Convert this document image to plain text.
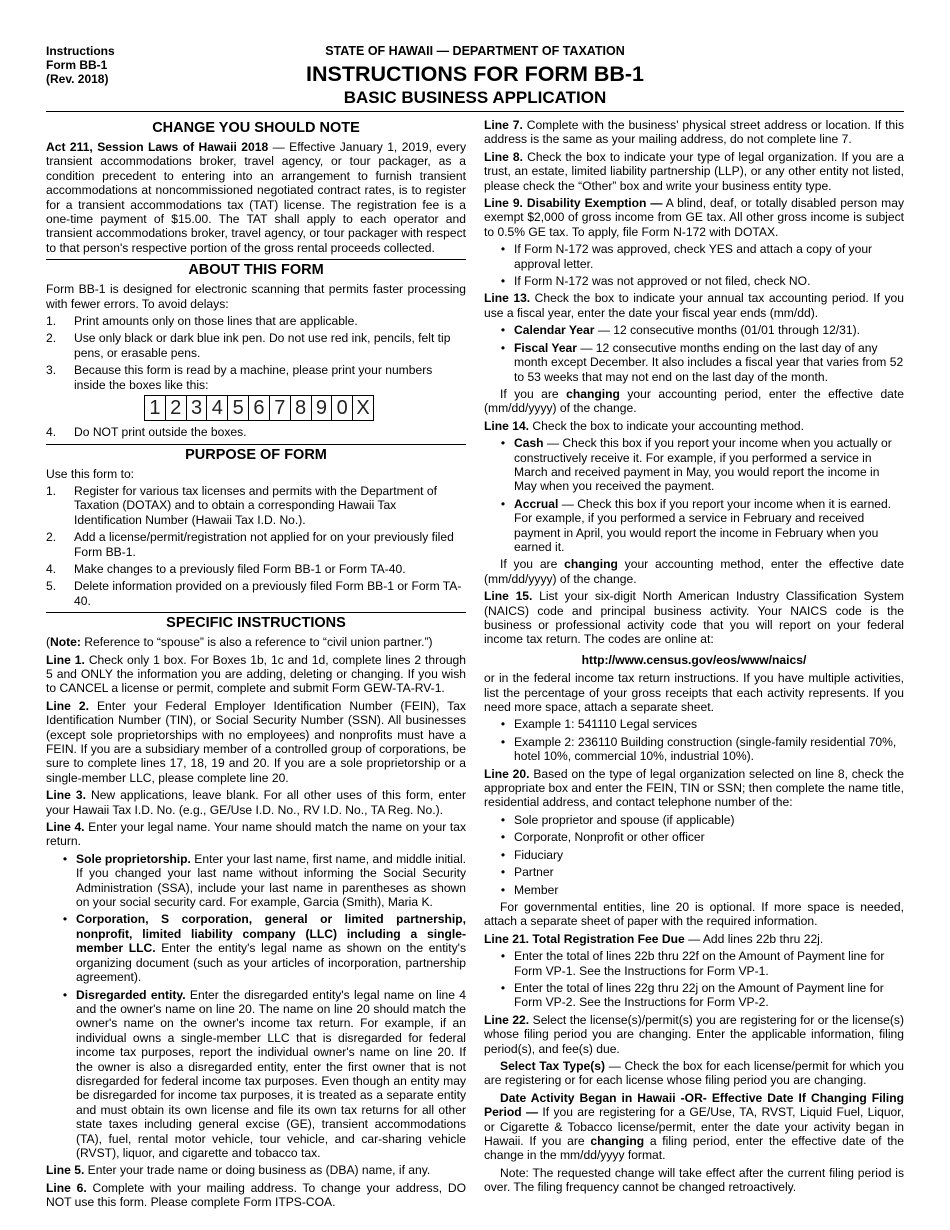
Instructions
Form BB-1
(Rev. 2018)
STATE OF HAWAII — DEPARTMENT OF TAXATION
INSTRUCTIONS FOR FORM BB-1
BASIC BUSINESS APPLICATION
CHANGE YOU SHOULD NOTE

Act 211, Session Laws of Hawaii 2018 — Effective January 1, 2019, every transient accommodations broker, travel agency, or tour packager, as a condition precedent to entering into an arrangement to furnish transient accommodations at noncommissioned negotiated contract rates, is to register for a transient accommodations tax (TAT) license. The registration fee is a one-time payment of $15.00. The TAT shall apply to each operator and transient accommodations broker, travel agency, or tour packager with respect to that person's respective portion of the gross rental proceeds collected.

ABOUT THIS FORM

Form BB-1 is designed for electronic scanning that permits faster processing with fewer errors. To avoid delays:

1.	Print amounts only on those lines that are applicable.
2.	Use only black or dark blue ink pen. Do not use red ink, pencils, felt tip pens, or erasable pens.
3.	Because this form is read by a machine, please print your numbers inside the boxes like this:
1 2 3 4 5 6 7 8 9 0 X
4.	Do NOT print outside the boxes.
PURPOSE OF FORM

Use this form to:

1.	Register for various tax licenses and permits with the Department of Taxation (DOTAX) and to obtain a corresponding Hawaii Tax Identification Number (Hawaii Tax I.D. No.).
2.	Add a license/permit/registration not applied for on your previously filed Form BB-1.
4.	Make changes to a previously filed Form BB-1 or Form TA-40.
5.	Delete information provided on a previously filed Form BB-1 or Form TA-40.
SPECIFIC INSTRUCTIONS

(Note: Reference to “spouse” is also a reference to “civil union partner.”)

Line 1. Check only 1 box. For Boxes 1b, 1c and 1d, complete lines 2 through 5 and ONLY the information you are adding, deleting or changing. If you wish to CANCEL a license or permit, complete and submit Form GEW-TA-RV-1.

Line 2. Enter your Federal Employer Identification Number (FEIN), Tax Identification Number (TIN), or Social Security Number (SSN). All businesses (except sole proprietorships with no employees) and nonprofits must have a FEIN. If you are a subsidiary member of a controlled group of corporations, be sure to complete lines 17, 18, 19 and 20. If you are a sole proprietorship or a single-member LLC, please complete line 20.

Line 3. New applications, leave blank. For all other uses of this form, enter your Hawaii Tax I.D. No. (e.g., GE/Use I.D. No., RV I.D. No., TA Reg. No.).

Line 4. Enter your legal name. Your name should match the name on your tax return.

• Sole proprietorship. Enter your last name, first name, and middle initial. If you changed your last name without informing the Social Security Administration (SSA), include your last name in parentheses as shown on your social security card. For example, Garcia (Smith), Maria K.
• Corporation, S corporation, general or limited partnership, nonprofit, limited liability company (LLC) including a single-member LLC. Enter the entity's legal name as shown on the entity's organizing document (such as your articles of incorporation, partnership agreement).
• Disregarded entity. Enter the disregarded entity's legal name on line 4 and the owner's name on line 20. The name on line 20 should match the owner's name on the owner's income tax return. For example, if an individual owns a single-member LLC that is disregarded for federal income tax purposes, report the individual owner's name on line 20. If the owner is also a disregarded entity, enter the first owner that is not disregarded for federal income tax purposes. Even though an entity may be disregarded for income tax purposes, it is treated as a separate entity and must obtain its own license and file its own tax returns for all other state taxes including general excise (GE), transient accommodations (TA), fuel, rental motor vehicle, tour vehicle, and car-sharing vehicle (RVST), liquor, and cigarette and tobacco tax.

Line 5. Enter your trade name or doing business as (DBA) name, if any.

Line 6. Complete with your mailing address. To change your address, DO NOT use this form. Please complete Form ITPS-COA.

Line 7. Complete with the business' physical street address or location. If this address is the same as your mailing address, do not complete line 7.

Line 8. Check the box to indicate your type of legal organization. If you are a trust, an estate, limited liability partnership (LLP), or any other entity not listed, please check the “Other” box and write your business entity type.

Line 9. Disability Exemption — A blind, deaf, or totally disabled person may exempt $2,000 of gross income from GE tax. All other gross income is subject to 0.5% GE tax. To apply, file Form N-172 with DOTAX.

• If Form N-172 was approved, check YES and attach a copy of your approval letter.
• If Form N-172 was not approved or not filed, check NO.

Line 13. Check the box to indicate your annual tax accounting period. If you use a fiscal year, enter the date your fiscal year ends (mm/dd).

• Calendar Year — 12 consecutive months (01/01 through 12/31).
• Fiscal Year — 12 consecutive months ending on the last day of any month except December. It also includes a fiscal year that varies from 52 to 53 weeks that may not end on the last day of the month.

If you are changing your accounting period, enter the effective date (mm/dd/yyyy) of the change.

Line 14. Check the box to indicate your accounting method.

• Cash — Check this box if you report your income when you actually or constructively receive it. For example, if you performed a service in March and received payment in May, you would report the income in May when you received the payment.
• Accrual — Check this box if you report your income when it is earned. For example, if you performed a service in February and received payment in April, you would report the income in February when you earned it.

If you are changing your accounting method, enter the effective date (mm/dd/yyyy) of the change.

Line 15. List your six-digit North American Industry Classification System (NAICS) code and principal business activity. Your NAICS code is the business or professional activity code that you will report on your federal income tax return. The codes are online at:

http://www.census.gov/eos/www/naics/

or in the federal income tax return instructions. If you have multiple activities, list the percentage of your gross receipts that each activity represents. If you need more space, attach a separate sheet.

• Example 1: 541110 Legal services
• Example 2: 236110 Building construction (single-family residential 70%, hotel 10%, commercial 10%, industrial 10%).

Line 20. Based on the type of legal organization selected on line 8, check the appropriate box and enter the FEIN, TIN or SSN; then complete the name title, residential address, and contact telephone number of the:

• Sole proprietor and spouse (if applicable)
• Corporate, Nonprofit or other officer
• Fiduciary
• Partner
• Member

For governmental entities, line 20 is optional. If more space is needed, attach a separate sheet of paper with the required information.

Line 21. Total Registration Fee Due — Add lines 22b thru 22j.

• Enter the total of lines 22b thru 22f on the Amount of Payment line for Form VP-1. See the Instructions for Form VP-1.
• Enter the total of lines 22g thru 22j on the Amount of Payment line for Form VP-2. See the Instructions for Form VP-2.

Line 22. Select the license(s)/permit(s) you are registering for or the license(s) whose filing period you are changing. Enter the applicable information, filing period(s), and fee(s) due.

Select Tax Type(s) — Check the box for each license/permit for which you are registering or for each license whose filing period you are changing.

Date Activity Began in Hawaii -OR- Effective Date If Changing Filing Period — If you are registering for a GE/Use, TA, RVST, Liquid Fuel, Liquor, or Cigarette & Tobacco license/permit, enter the date your activity began in Hawaii. If you are changing a filing period, enter the effective date of the change in the mm/dd/yyyy format.

Note: The requested change will take effect after the current filing period is over. The filing frequency cannot be changed retroactively.
